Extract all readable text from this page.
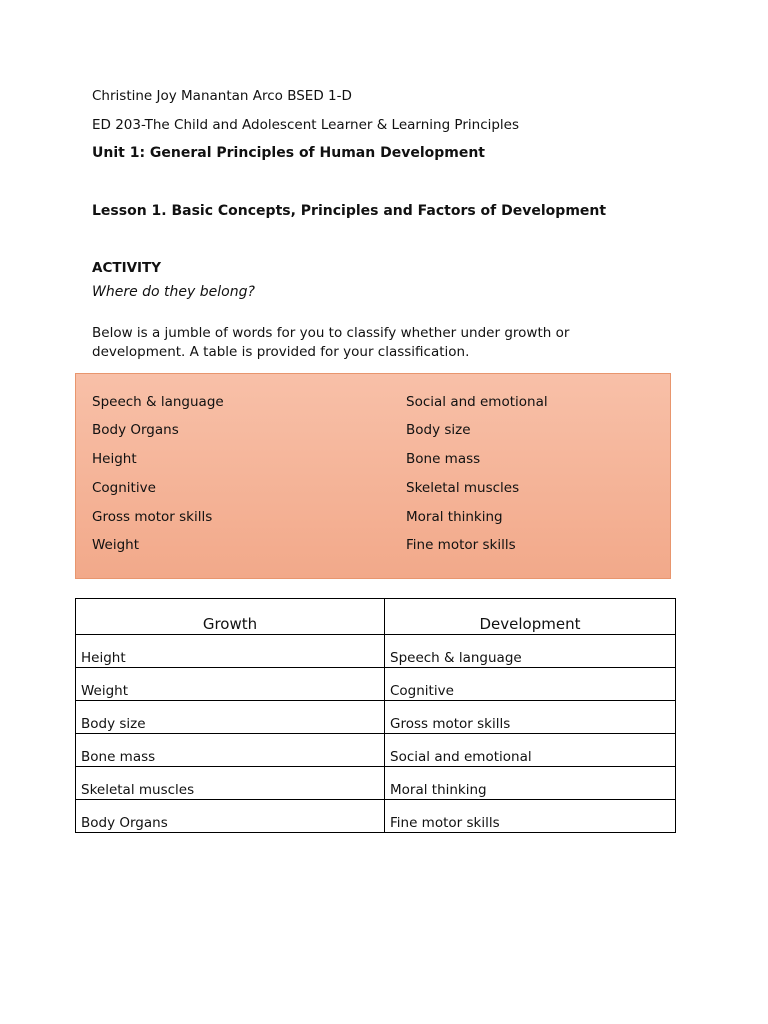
Christine Joy Manantan Arco BSED 1-D
ED 203-The Child and Adolescent Learner & Learning Principles
Unit 1: General Principles of Human Development
Lesson 1. Basic Concepts, Principles and Factors of Development
ACTIVITY
Where do they belong?
Below is a jumble of words for you to classify whether under growth or development. A table is provided for your classification.
Speech & language
Body Organs
Height
Cognitive
Gross motor skills
Weight
Social and emotional
Body size
Bone mass
Skeletal muscles
Moral thinking
Fine motor skills
Growth	Development
Height	Speech & language
Weight	Cognitive
Body size	Gross motor skills
Bone mass	Social and emotional
Skeletal muscles	Moral thinking
Body Organs	Fine motor skills
